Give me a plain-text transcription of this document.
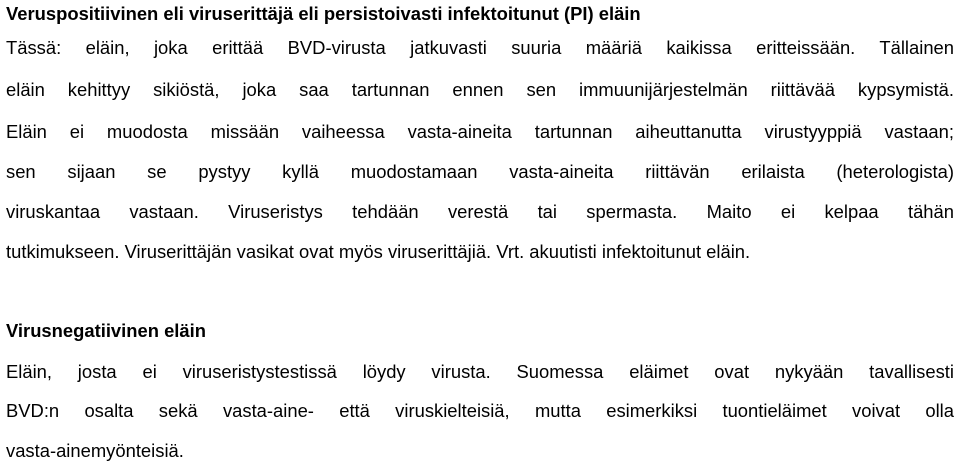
Veruspositiivinen eli viruserittäjä eli persistoivasti infektoitunut (PI) eläin
Tässä: eläin, joka erittää BVD-virusta jatkuvasti suuria määriä kaikissa eritteissään. Tällainen
eläin kehittyy sikiöstä, joka saa tartunnan ennen sen immuunijärjestelmän riittävää kypsymistä.
Eläin ei muodosta missään vaiheessa vasta-aineita tartunnan aiheuttanutta virustyyppiä vastaan;
sen sijaan se pystyy kyllä muodostamaan vasta-aineita riittävän erilaista (heterologista)
viruskantaa vastaan. Viruseristys tehdään verestä tai spermasta. Maito ei kelpaa tähän
tutkimukseen. Viruserittäjän vasikat ovat myös viruserittäjiä. Vrt. akuutisti infektoitunut eläin.
Virusnegatiivinen eläin
Eläin, josta ei viruseristystestissä löydy virusta. Suomessa eläimet ovat nykyään tavallisesti
BVD:n osalta sekä vasta-aine- että viruskielteisiä, mutta esimerkiksi tuontieläimet voivat olla
vasta-ainemyönteisiä.
